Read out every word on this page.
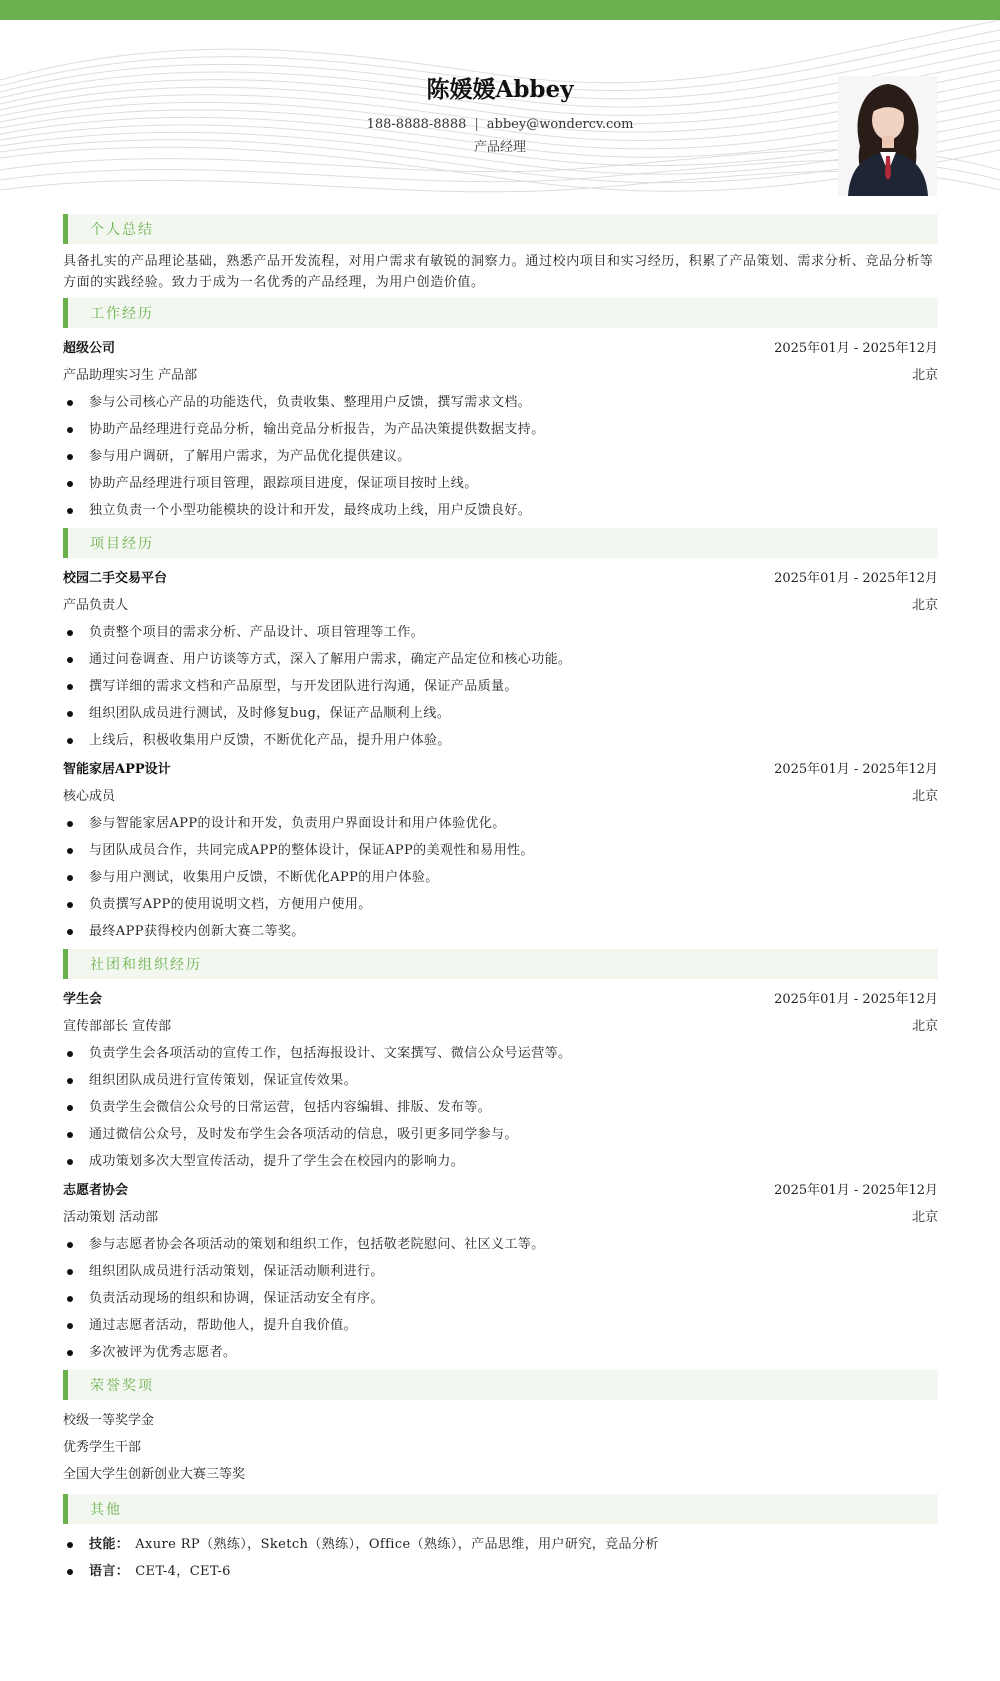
陈媛媛Abbey
188-8888-8888 | abbey@wondercv.com
产品经理
个人总结

具备扎实的产品理论基础，熟悉产品开发流程，对用户需求有敏锐的洞察力。通过校内项目和实习经历，积累了产品策划、需求分析、竞品分析等方面的实践经验。致力于成为一名优秀的产品经理，为用户创造价值。

工作经历
超级公司	2025年01月 - 2025年12月
产品助理实习生 产品部	北京
参与公司核心产品的功能迭代，负责收集、整理用户反馈，撰写需求文档。
协助产品经理进行竞品分析，输出竞品分析报告，为产品决策提供数据支持。
参与用户调研，了解用户需求，为产品优化提供建议。
协助产品经理进行项目管理，跟踪项目进度，保证项目按时上线。
独立负责一个小型功能模块的设计和开发，最终成功上线，用户反馈良好。
项目经历
校园二手交易平台	2025年01月 - 2025年12月
产品负责人	北京
负责整个项目的需求分析、产品设计、项目管理等工作。
通过问卷调查、用户访谈等方式，深入了解用户需求，确定产品定位和核心功能。
撰写详细的需求文档和产品原型，与开发团队进行沟通，保证产品质量。
组织团队成员进行测试，及时修复bug，保证产品顺利上线。
上线后，积极收集用户反馈，不断优化产品，提升用户体验。
智能家居APP设计	2025年01月 - 2025年12月
核心成员	北京
参与智能家居APP的设计和开发，负责用户界面设计和用户体验优化。
与团队成员合作，共同完成APP的整体设计，保证APP的美观性和易用性。
参与用户测试，收集用户反馈，不断优化APP的用户体验。
负责撰写APP的使用说明文档，方便用户使用。
最终APP获得校内创新大赛二等奖。
社团和组织经历
学生会	2025年01月 - 2025年12月
宣传部部长 宣传部	北京
负责学生会各项活动的宣传工作，包括海报设计、文案撰写、微信公众号运营等。
组织团队成员进行宣传策划，保证宣传效果。
负责学生会微信公众号的日常运营，包括内容编辑、排版、发布等。
通过微信公众号，及时发布学生会各项活动的信息，吸引更多同学参与。
成功策划多次大型宣传活动，提升了学生会在校园内的影响力。
志愿者协会	2025年01月 - 2025年12月
活动策划 活动部	北京
参与志愿者协会各项活动的策划和组织工作，包括敬老院慰问、社区义工等。
组织团队成员进行活动策划，保证活动顺利进行。
负责活动现场的组织和协调，保证活动安全有序。
通过志愿者活动，帮助他人，提升自我价值。
多次被评为优秀志愿者。
荣誉奖项
校级一等奖学金
优秀学生干部
全国大学生创新创业大赛三等奖
其他
技能： Axure RP（熟练），Sketch（熟练），Office（熟练），产品思维，用户研究，竞品分析
语言： CET-4，CET-6
